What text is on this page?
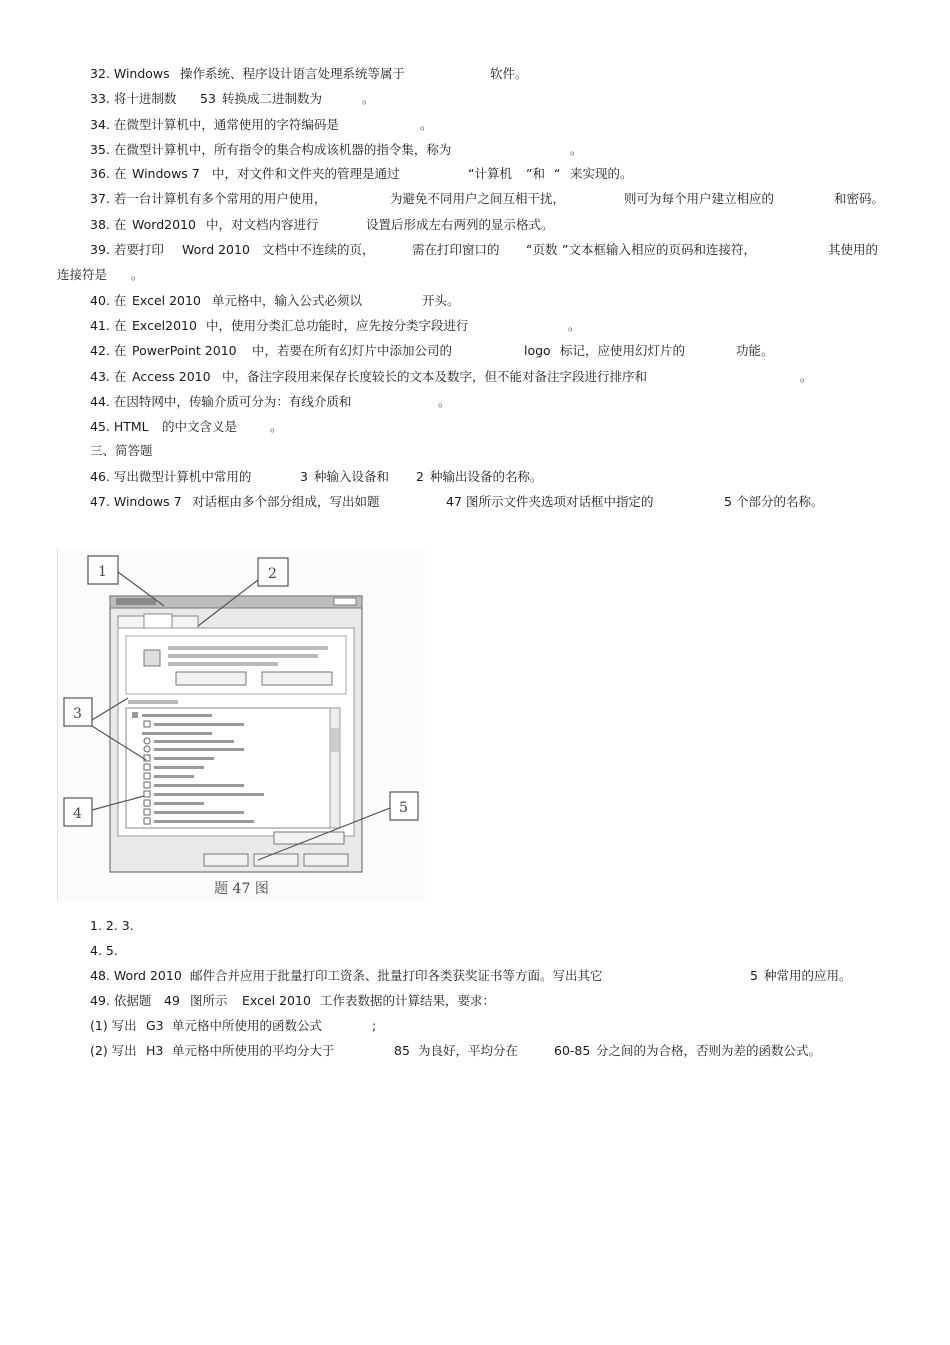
32. Windows

操作系统、程序设计语言处理系统等属于

	软件。

33. 将十进制数

53

转换成二进制数为

	。

34. 在微型计算机中，通常使用的字符编码是

	。

35. 在微型计算机中，所有指令的集合构成该机器的指令集，称为

	。

36. 在

Windows 7

中，对文件和文件夹的管理是通过

	“计算机

”和

“

来实现的。

37. 若一台计算机有多个常用的用户使用，

	为避免不同用户之间互相干扰，

	则可为每个用户建立相应的

	和密码。

38. 在

Word2010

中，对文档内容进行

	设置后形成左右两列的显示格式。

39. 若要打印

Word 2010

文档中不连续的页，

	需在打印窗口的

“页数

”文本框输入相应的页码和连接符，

	其使用的

连接符是

。

40. 在

Excel 2010

单元格中，输入公式必须以

	开头。

41. 在

Excel2010

中，使用分类汇总功能时，应先按分类字段进行

	。

42. 在

PowerPoint 2010

中，若要在所有幻灯片中添加公司的

	logo

标记，应使用幻灯片的

	功能。

43. 在

Access 2010

中，备注字段用来保存长度较长的文本及数字，但不能对备注字段进行排序和

	。

44. 在因特网中，传输介质可分为：有线介质和

	。

45. HTML

的中文含义是

	。

三、简答题

46. 写出微型计算机中常用的

	3

种输入设备和

2

种输出设备的名称。

47. Windows 7

对话框由多个部分组成，写出如题

	47

图所示文件夹选项对话框中指定的

	5

个部分的名称。

1	2
3
4	5
题 47 图

1. 2. 3.

4. 5.

48. Word 2010

邮件合并应用于批量打印工资条、批量打印各类获奖证书等方面。写出其它

	5

种常用的应用。

49. 依据题

49

图所示

Excel 2010

工作表数据的计算结果，要求：

(1) 写出

G3

单元格中所使用的函数公式

	;

(2) 写出

H3

单元格中所使用的平均分大于

	85

为良好，平均分在

	60-85

分之间的为合格，否则为差的函数公式。
